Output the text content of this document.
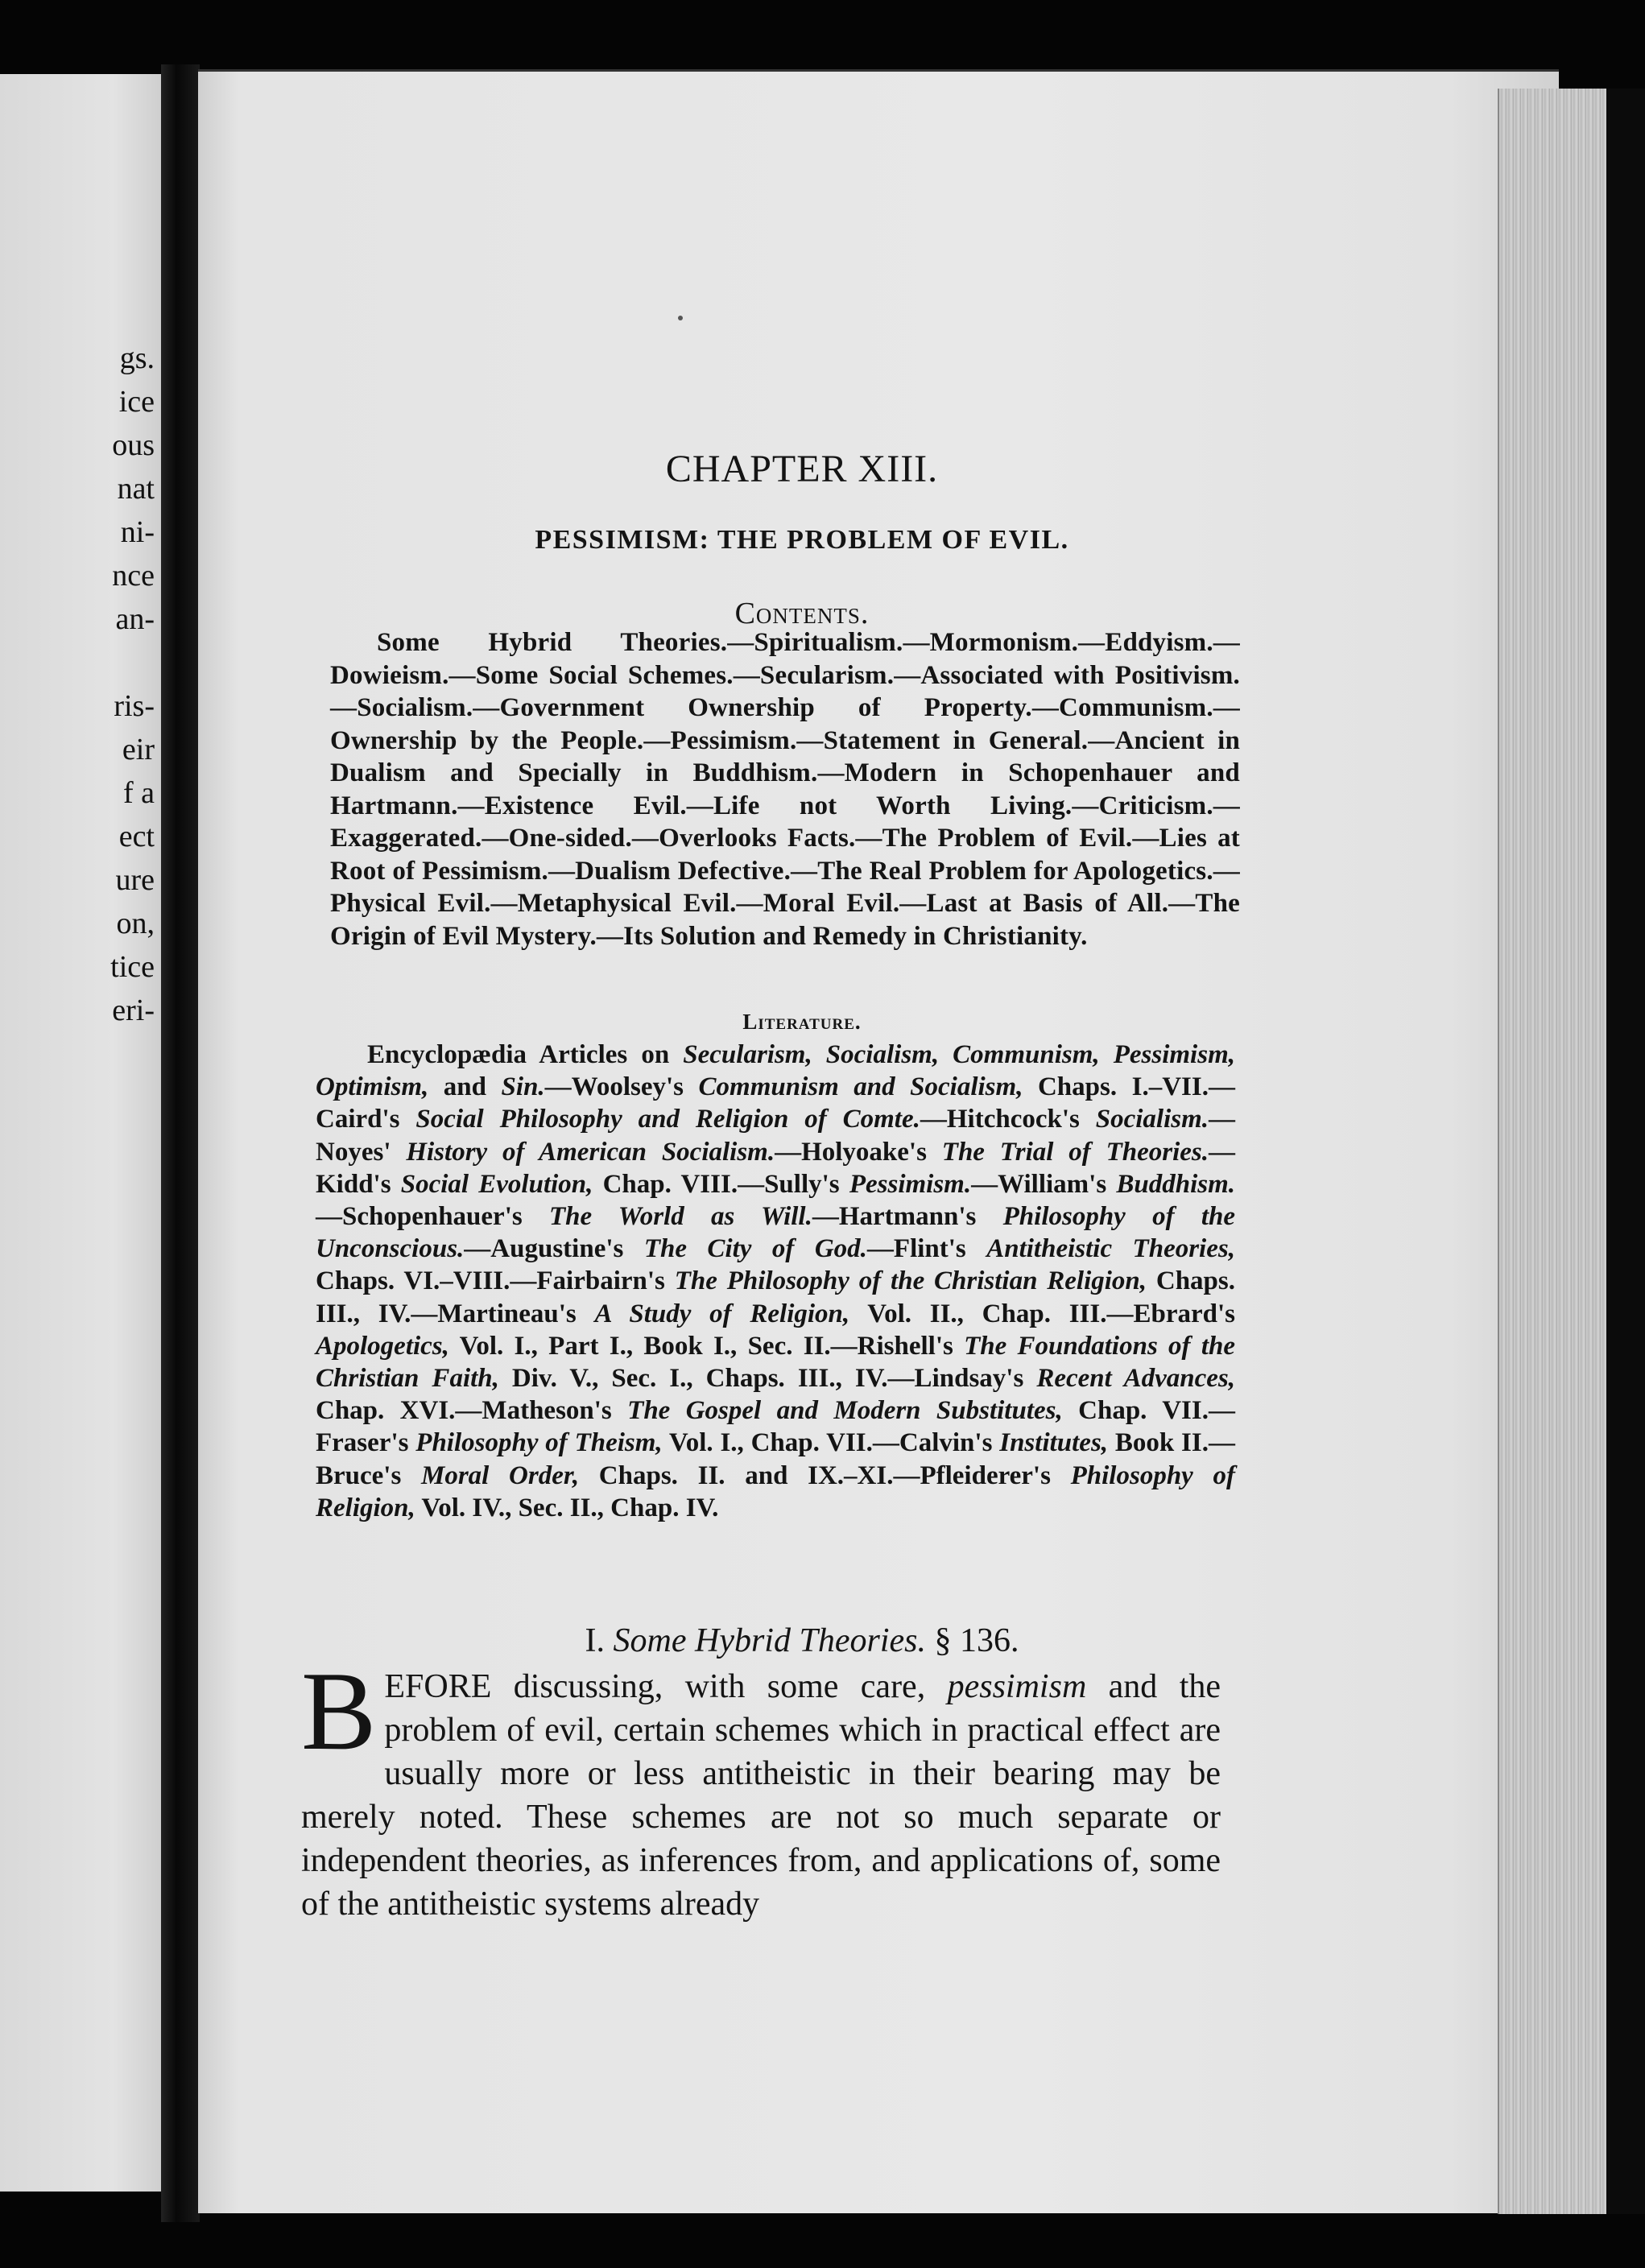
gs.
ice
ous
nat
ni-
nce
an-
ris-
eir
f a
ect
ure
on,
tice
eri-
CHAPTER XIII.
PESSIMISM: THE PROBLEM OF EVIL.
Contents.
Some Hybrid Theories.—Spiritualism.—Mormonism.—Eddyism.—Dowieism.—Some Social Schemes.—Secularism.—Associated with Positivism.—Socialism.—Government Ownership of Property.—Communism.—Ownership by the People.—Pessimism.—Statement in General.—Ancient in Dualism and Specially in Buddhism.—Modern in Schopenhauer and Hartmann.—Existence Evil.—Life not Worth Living.—Criticism.—Exaggerated.—One-sided.—Overlooks Facts.—The Problem of Evil.—Lies at Root of Pessimism.—Dualism Defective.—The Real Problem for Apologetics.—Physical Evil.—Metaphysical Evil.—Moral Evil.—Last at Basis of All.—The Origin of Evil Mystery.—Its Solution and Remedy in Christianity.
Literature.
Encyclopædia Articles on Secularism, Socialism, Communism, Pessimism, Optimism, and Sin.—Woolsey's Communism and Socialism, Chaps. I.–VII.—Caird's Social Philosophy and Religion of Comte.—Hitchcock's Socialism.—Noyes' History of American Socialism.—Holyoake's The Trial of Theories.—Kidd's Social Evolution, Chap. VIII.—Sully's Pessimism.—William's Buddhism.—Schopenhauer's The World as Will.—Hartmann's Philosophy of the Unconscious.—Augustine's The City of God.—Flint's Antitheistic Theories, Chaps. VI.–VIII.—Fairbairn's The Philosophy of the Christian Religion, Chaps. III., IV.—Martineau's A Study of Religion, Vol. II., Chap. III.—Ebrard's Apologetics, Vol. I., Part I., Book I., Sec. II.—Rishell's The Foundations of the Christian Faith, Div. V., Sec. I., Chaps. III., IV.—Lindsay's Recent Advances, Chap. XVI.—Matheson's The Gospel and Modern Substitutes, Chap. VII.—Fraser's Philosophy of Theism, Vol. I., Chap. VII.—Calvin's Institutes, Book II.—Bruce's Moral Order, Chaps. II. and IX.–XI.—Pfleiderer's Philosophy of Religion, Vol. IV., Sec. II., Chap. IV.
I. Some Hybrid Theories. § 136.
BEFORE discussing, with some care, pessimism and the problem of evil, certain schemes which in practical effect are usually more or less antitheistic in their bearing may be merely noted. These schemes are not so much separate or independent theories, as inferences from, and applications of, some of the antitheistic systems already
